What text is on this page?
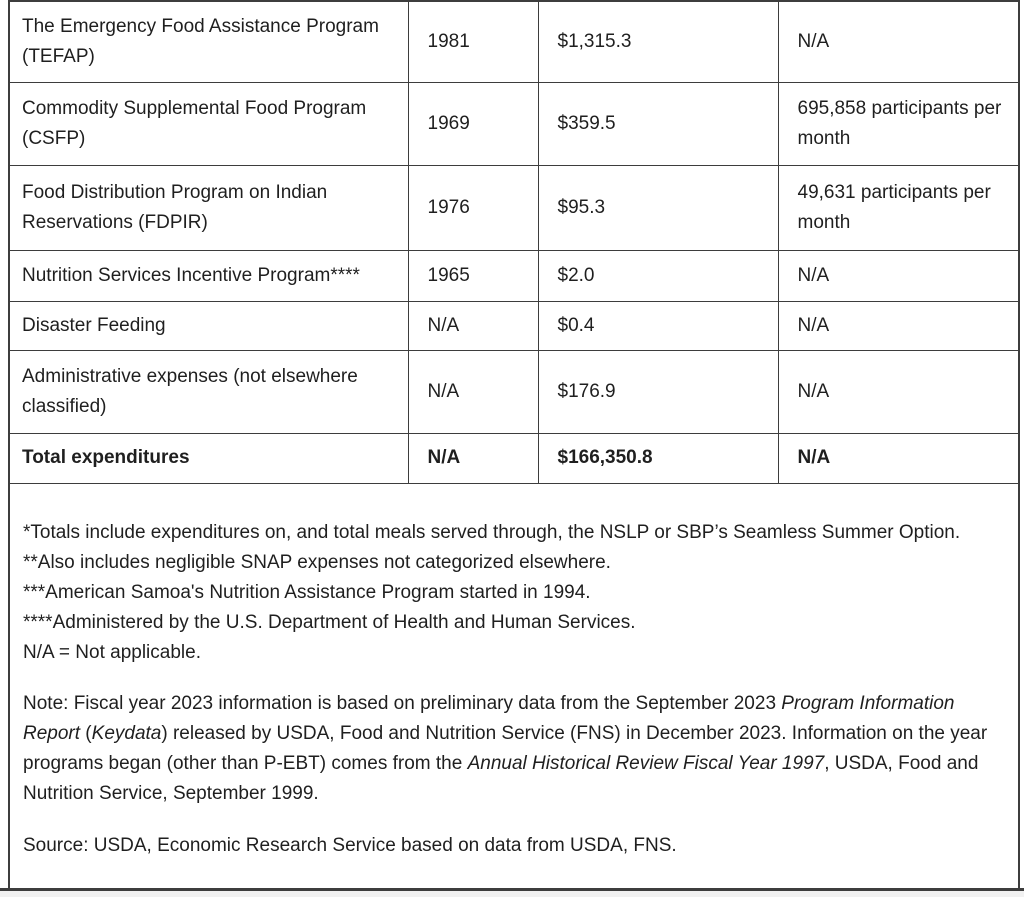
The Emergency Food Assistance Program (TEFAP)	1981	$1,315.3	N/A
Commodity Supplemental Food Program (CSFP)	1969	$359.5	695,858 participants per month
Food Distribution Program on Indian Reservations (FDPIR)	1976	$95.3	49,631 participants per month
Nutrition Services Incentive Program****	1965	$2.0	N/A
Disaster Feeding	N/A	$0.4	N/A
Administrative expenses (not elsewhere classified)	N/A	$176.9	N/A
Total expenditures	N/A	$166,350.8	N/A

*Totals include expenditures on, and total meals served through, the NSLP or SBP’s Seamless Summer Option.
**Also includes negligible SNAP expenses not categorized elsewhere.
***American Samoa's Nutrition Assistance Program started in 1994.
****Administered by the U.S. Department of Health and Human Services.
N/A = Not applicable.

Note: Fiscal year 2023 information is based on preliminary data from the September 2023 Program Information Report (Keydata) released by USDA, Food and Nutrition Service (FNS) in December 2023. Information on the year programs began (other than P-EBT) comes from the Annual Historical Review Fiscal Year 1997, USDA, Food and Nutrition Service, September 1999.

Source: USDA, Economic Research Service based on data from USDA, FNS.
